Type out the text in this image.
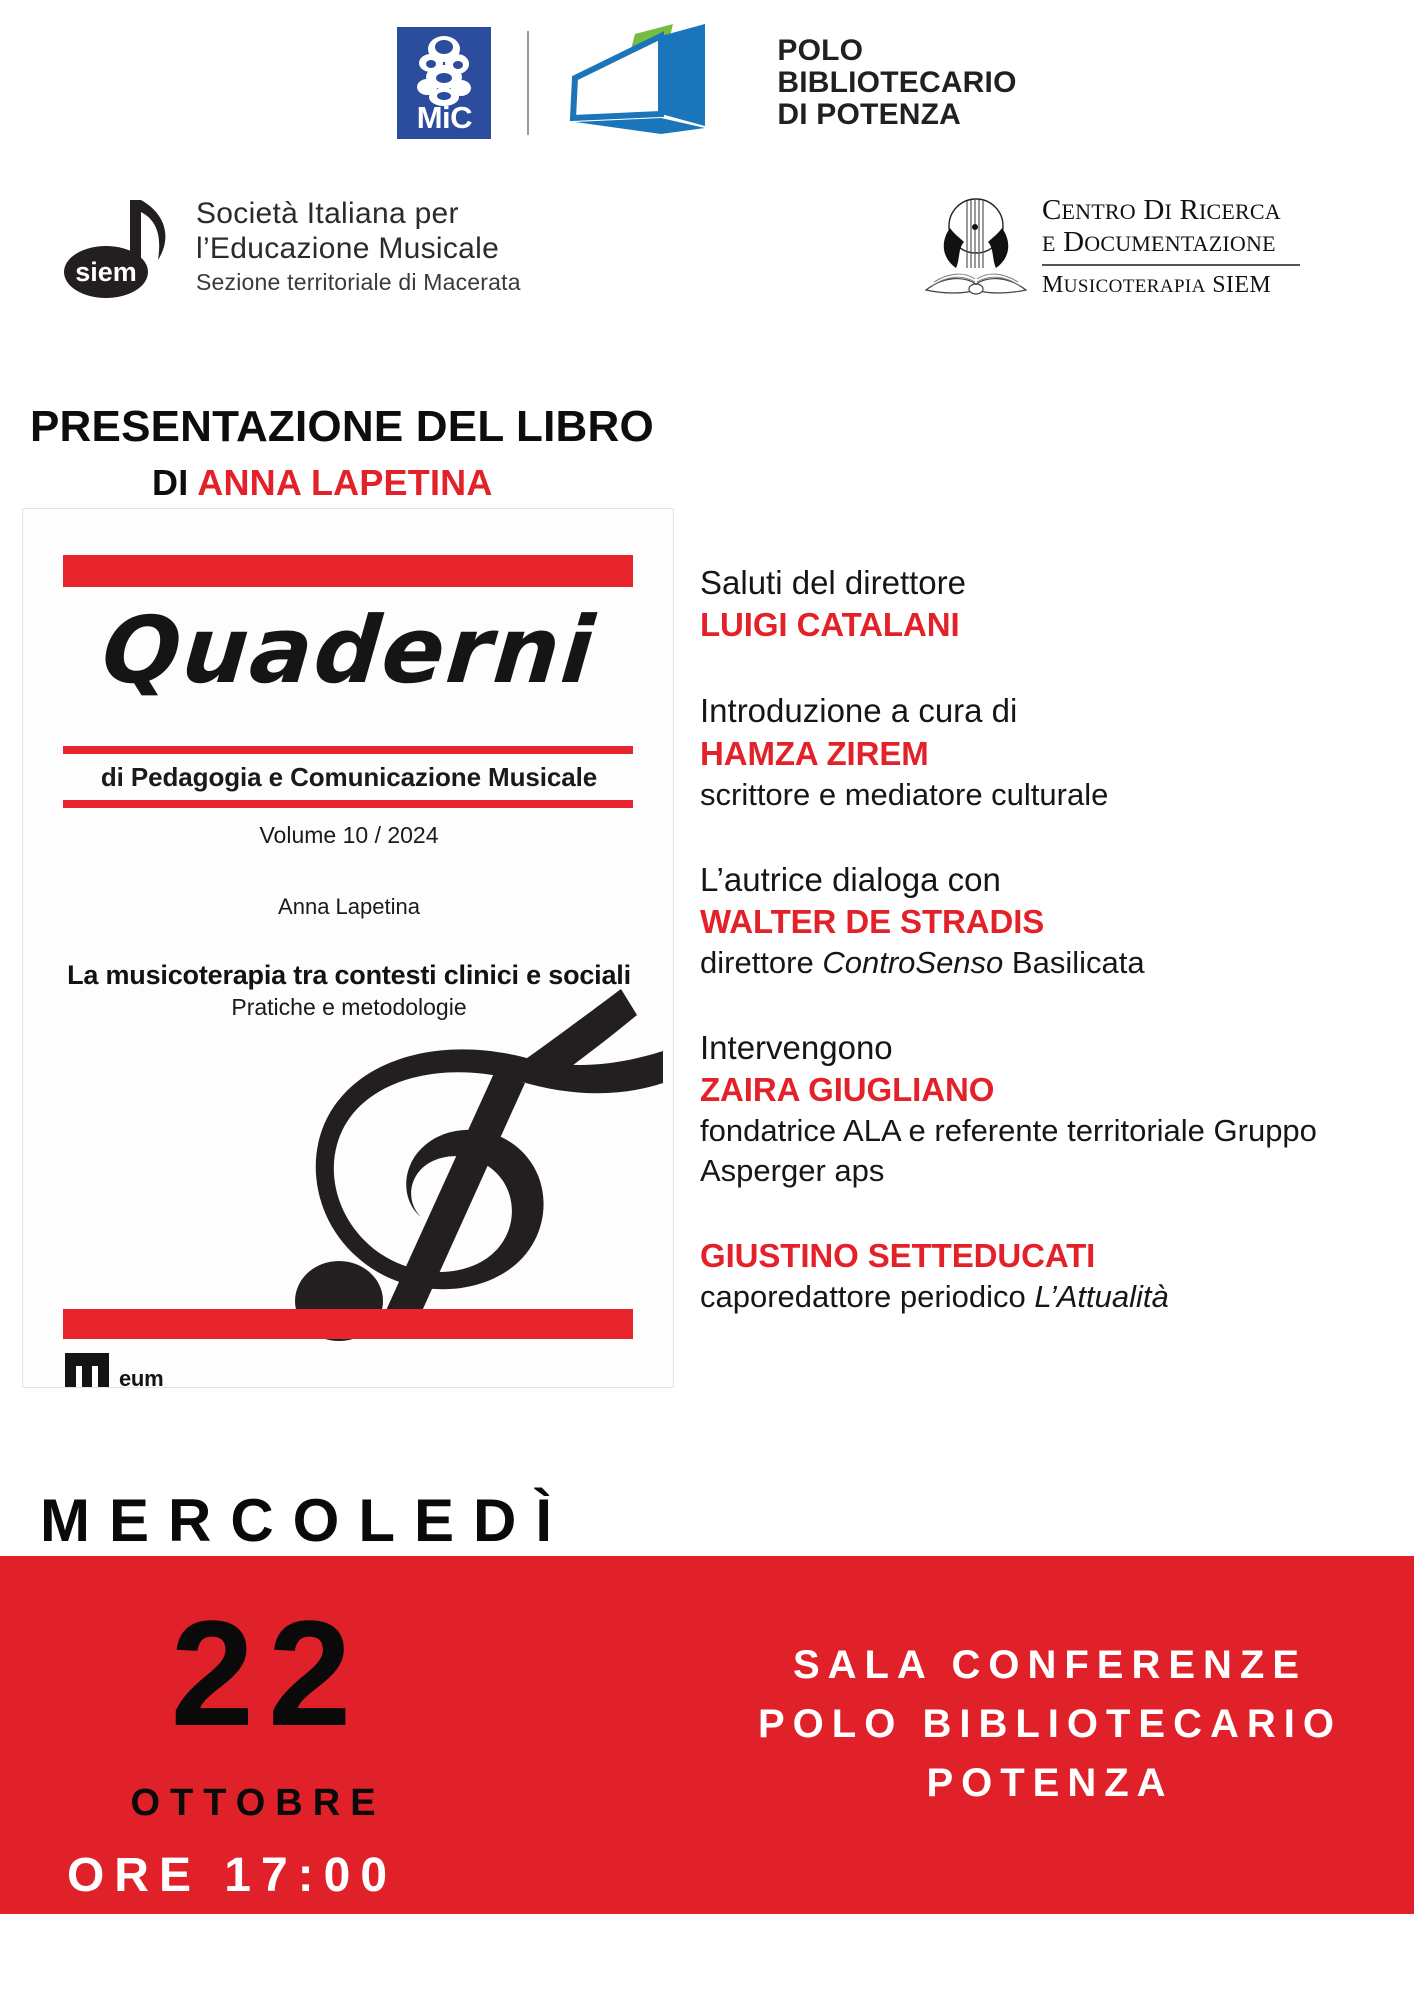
MiC
POLO
BIBLIOTECARIO
DI POTENZA
siem
Società Italiana per
l’Educazione Musicale
Sezione territoriale di Macerata
CENTRO DI RICERCA
E DOCUMENTAZIONE
MUSICOTERAPIA SIEM
PRESENTAZIONE DEL LIBRO
DI ANNA LAPETINA
Quaderni
di Pedagogia e Comunicazione Musicale
Volume 10 / 2024
Anna Lapetina
La musicoterapia tra contesti clinici e sociali
Pratiche e metodologie
eum
Saluti del direttore
LUIGI CATALANI
Introduzione a cura di
HAMZA ZIREM
scrittore e mediatore culturale
L’autrice dialoga con
WALTER DE STRADIS
direttore ControSenso Basilicata
Intervengono
ZAIRA GIUGLIANO
fondatrice ALA e referente territoriale Gruppo Asperger aps
GIUSTINO SETTEDUCATI
caporedattore periodico L’Attualità
MERCOLEDÌ
22
OTTOBRE
ORE 17:00
SALA CONFERENZE
POLO BIBLIOTECARIO
POTENZA
